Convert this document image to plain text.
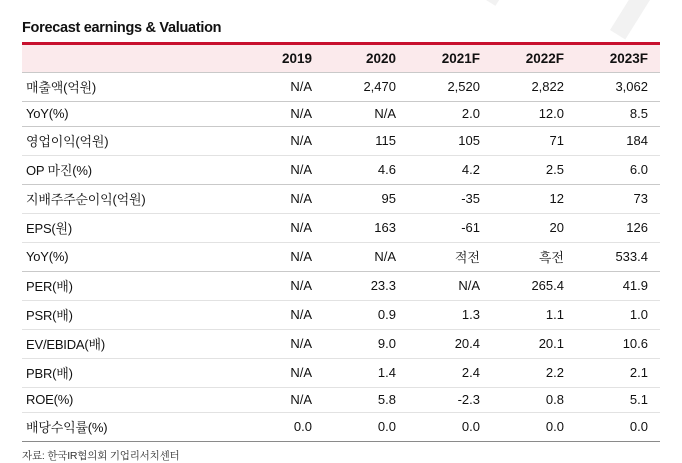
Forecast earnings & Valuation
	2019	2020	2021F	2022F	2023F
매출액(억원)	N/A	2,470	2,520	2,822	3,062
YoY(%)	N/A	N/A	2.0	12.0	8.5
영업이익(억원)	N/A	115	105	71	184
OP 마진(%)	N/A	4.6	4.2	2.5	6.0
지배주주순이익(억원)	N/A	95	-35	12	73
EPS(원)	N/A	163	-61	20	126
YoY(%)	N/A	N/A	적전	흑전	533.4
PER(배)	N/A	23.3	N/A	265.4	41.9
PSR(배)	N/A	0.9	1.3	1.1	1.0
EV/EBIDA(배)	N/A	9.0	20.4	20.1	10.6
PBR(배)	N/A	1.4	2.4	2.2	2.1
ROE(%)	N/A	5.8	-2.3	0.8	5.1
배당수익률(%)	0.0	0.0	0.0	0.0	0.0
자료: 한국IR협의회 기업리서치센터
